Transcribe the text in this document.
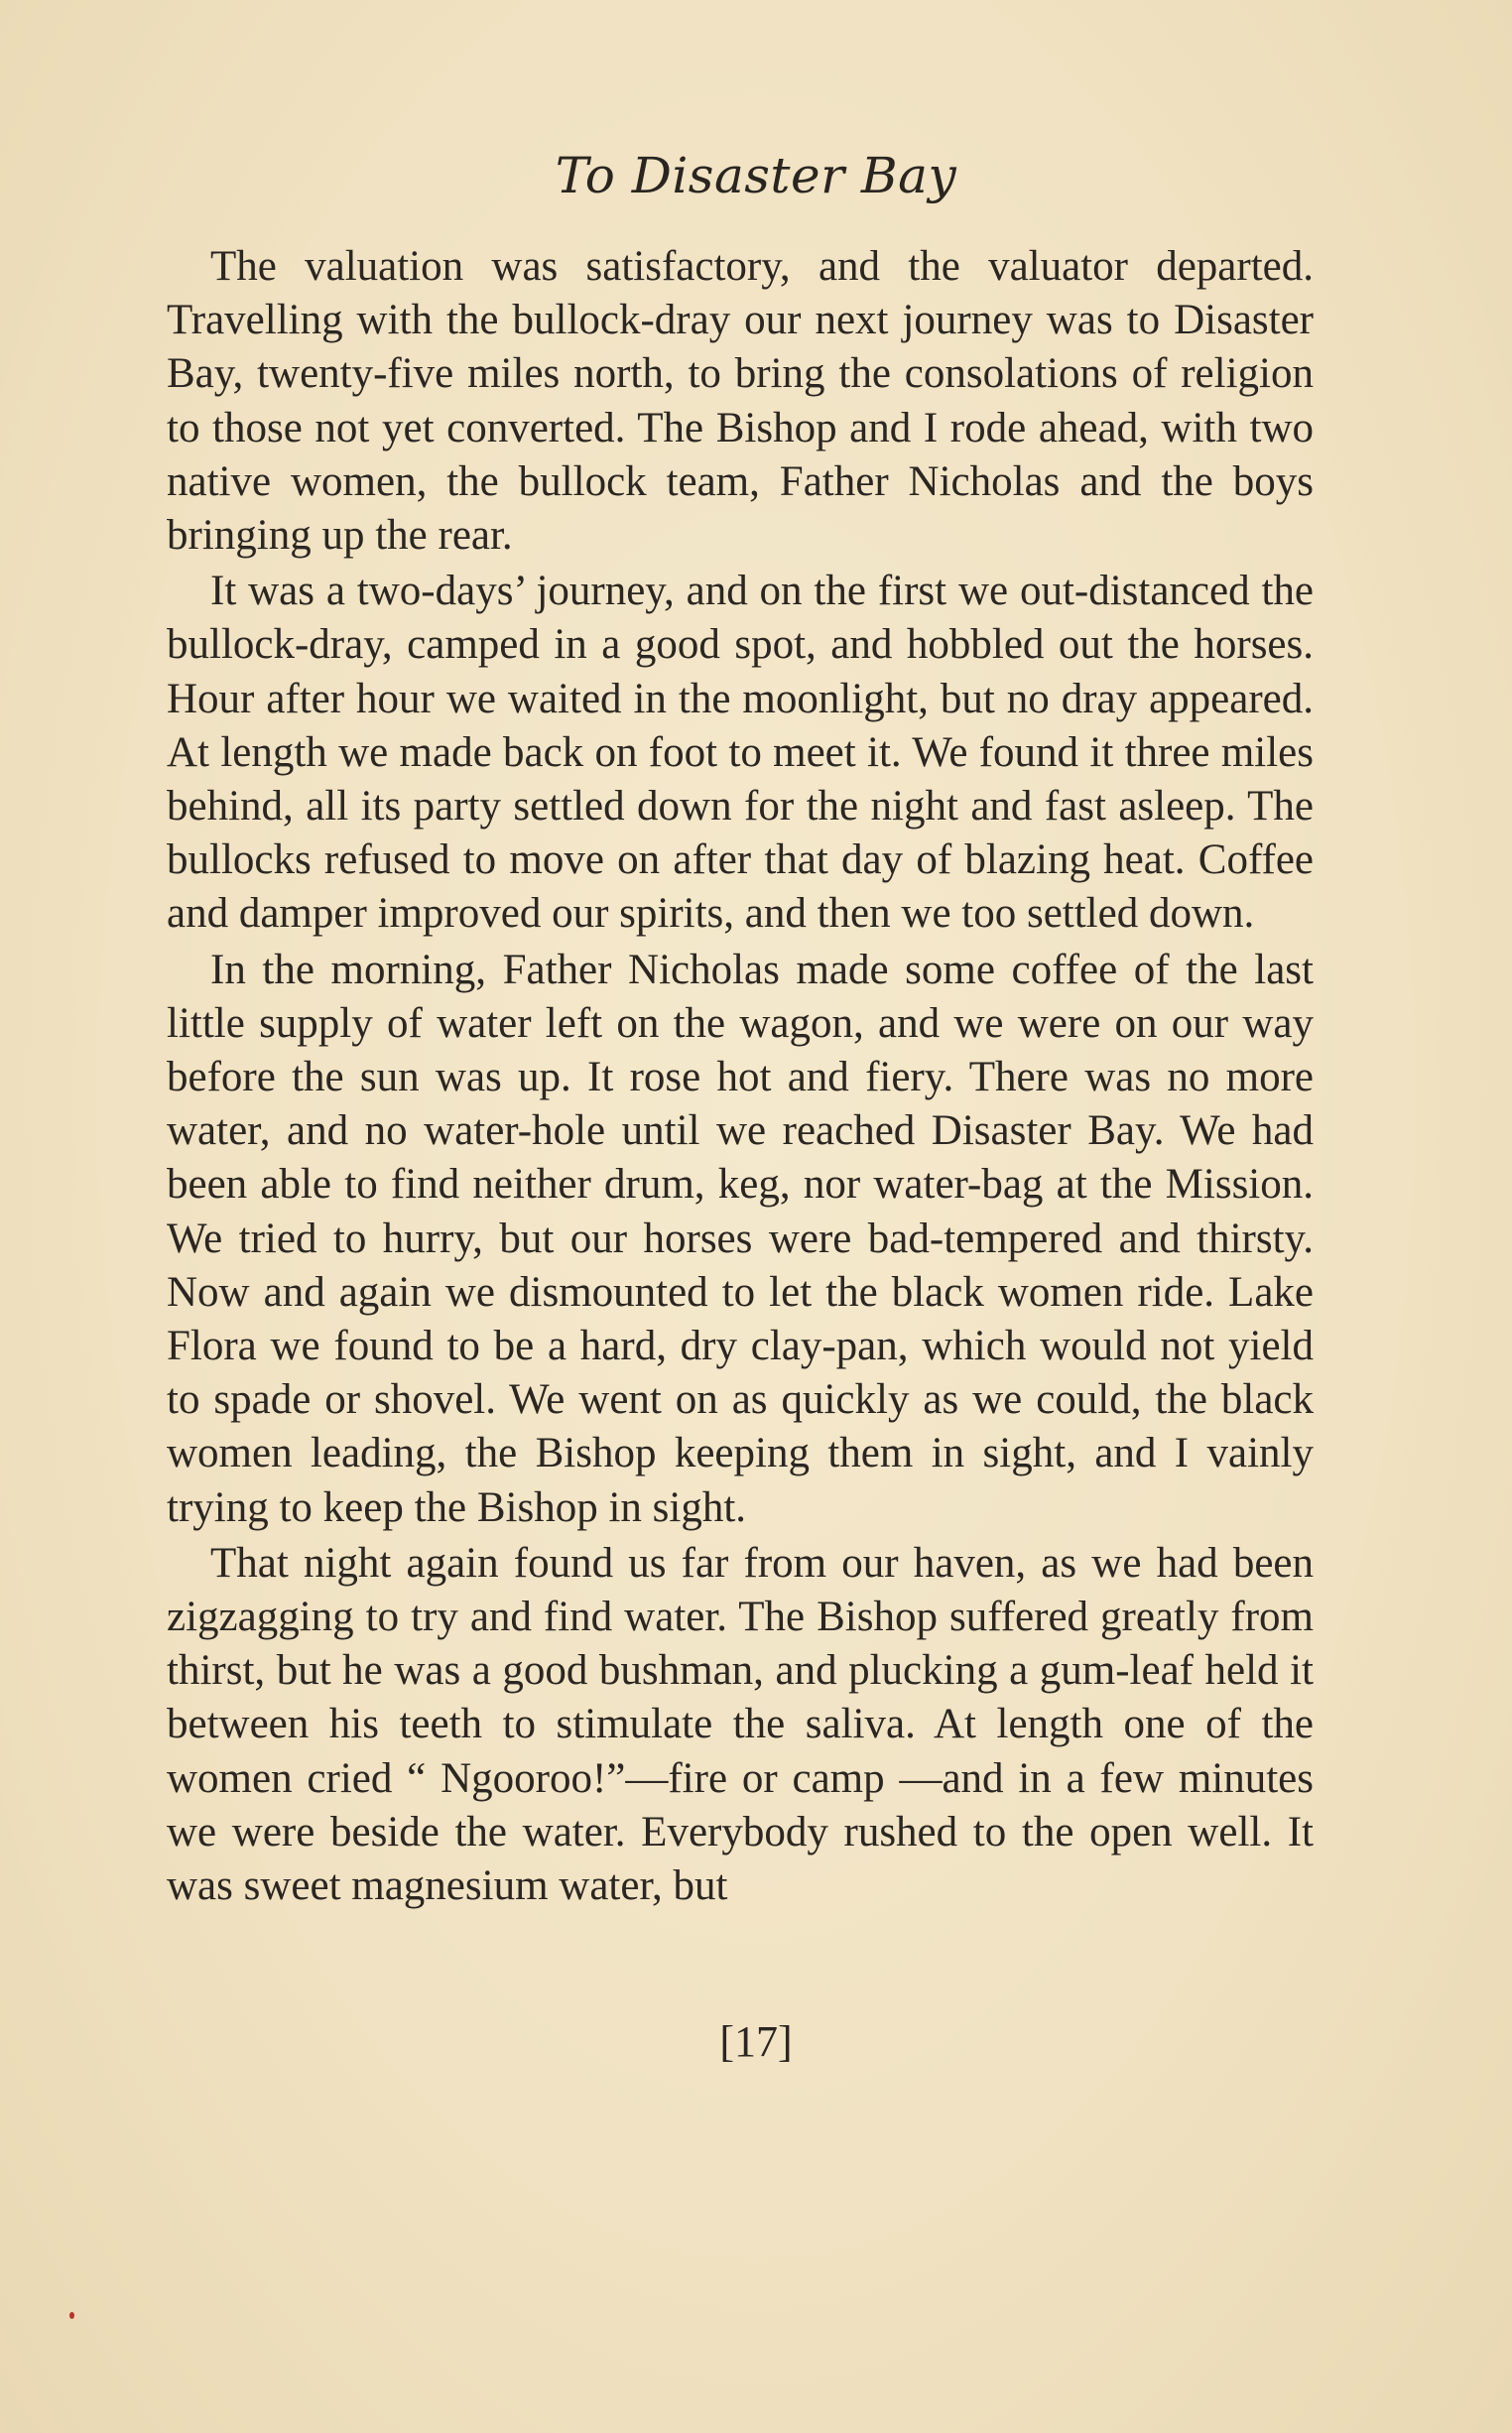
To Disaster Bay

The valuation was satisfactory, and the valuator departed. Travelling with the bullock-dray our next journey was to Disaster Bay, twenty-five miles north, to bring the consolations of religion to those not yet converted. The Bishop and I rode ahead, with two native women, the bullock team, Father Nicholas and the boys bringing up the rear.

It was a two-days’ journey, and on the first we out-distanced the bullock-dray, camped in a good spot, and hobbled out the horses. Hour after hour we waited in the moonlight, but no dray appeared. At length we made back on foot to meet it. We found it three miles behind, all its party settled down for the night and fast asleep. The bullocks refused to move on after that day of blazing heat. Coffee and damper improved our spirits, and then we too settled down.

In the morning, Father Nicholas made some coffee of the last little supply of water left on the wagon, and we were on our way before the sun was up. It rose hot and fiery. There was no more water, and no water-hole until we reached Disaster Bay. We had been able to find neither drum, keg, nor water-bag at the Mission. We tried to hurry, but our horses were bad-tempered and thirsty. Now and again we dismounted to let the black women ride. Lake Flora we found to be a hard, dry clay-pan, which would not yield to spade or shovel. We went on as quickly as we could, the black women leading, the Bishop keeping them in sight, and I vainly trying to keep the Bishop in sight.

That night again found us far from our haven, as we had been zigzagging to try and find water. The Bishop suffered greatly from thirst, but he was a good bushman, and plucking a gum-leaf held it between his teeth to stimulate the saliva. At length one of the women cried “ Ngooroo!”—fire or camp —and in a few minutes we were beside the water. Everybody rushed to the open well. It was sweet magnesium water, but

[17]
